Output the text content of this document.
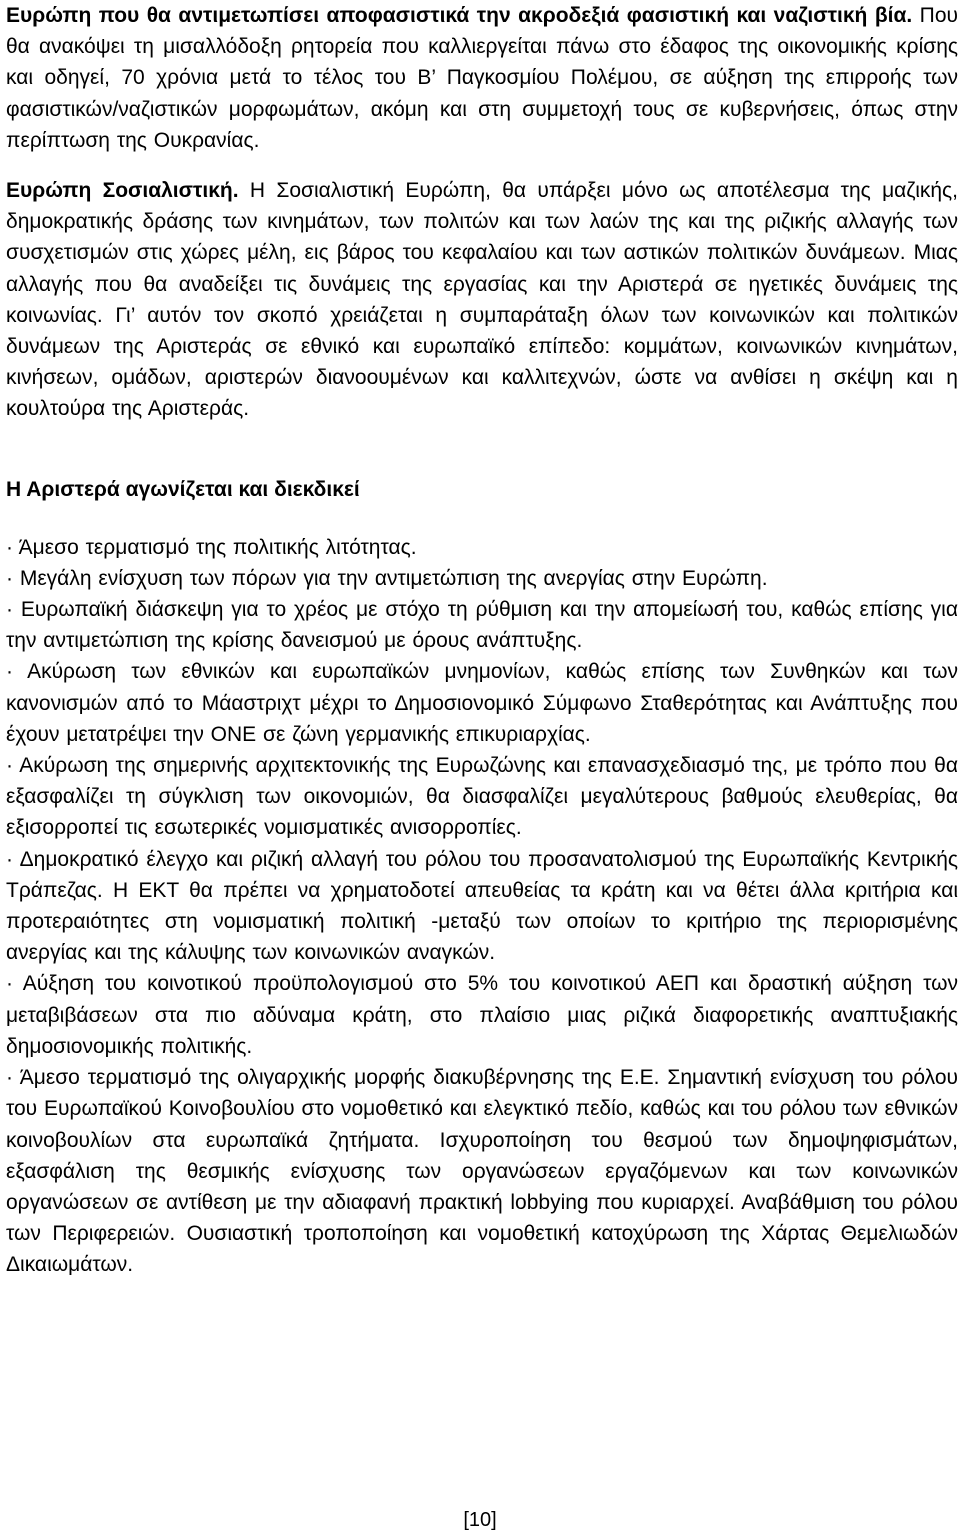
Ευρώπη που θα αντιμετωπίσει αποφασιστικά την ακροδεξιά φασιστική και ναζιστική βία. Που θα ανακόψει τη μισαλλόδοξη ρητορεία που καλλιεργείται πάνω στο έδαφος της οικονομικής κρίσης και οδηγεί, 70 χρόνια μετά το τέλος του Β’ Παγκοσμίου Πολέμου, σε αύξηση της επιρροής των φασιστικών/ναζιστικών μορφωμάτων, ακόμη και στη συμμετοχή τους σε κυβερνήσεις, όπως στην περίπτωση της Ουκρανίας.

Ευρώπη Σοσιαλιστική. Η Σοσιαλιστική Ευρώπη, θα υπάρξει μόνο ως αποτέλεσμα της μαζικής, δημοκρατικής δράσης των κινημάτων, των πολιτών και των λαών της και της ριζικής αλλαγής των συσχετισμών στις χώρες μέλη, εις βάρος του κεφαλαίου και των αστικών πολιτικών δυνάμεων. Μιας αλλαγής που θα αναδείξει τις δυνάμεις της εργασίας και την Αριστερά σε ηγετικές δυνάμεις της κοινωνίας. Γι’ αυτόν τον σκοπό χρειάζεται η συμπαράταξη όλων των κοινωνικών και πολιτικών δυνάμεων της Αριστεράς σε εθνικό και ευρωπαϊκό επίπεδο: κομμάτων, κοινωνικών κινημάτων, κινήσεων, ομάδων, αριστερών διανοουμένων και καλλιτεχνών, ώστε να ανθίσει η σκέψη και η κουλτούρα της Αριστεράς.

Η Αριστερά αγωνίζεται και διεκδικεί

· Άμεσο τερματισμό της πολιτικής λιτότητας.

· Μεγάλη ενίσχυση των πόρων για την αντιμετώπιση της ανεργίας στην Ευρώπη.

· Ευρωπαϊκή διάσκεψη για το χρέος με στόχο τη ρύθμιση και την απομείωσή του, καθώς επίσης για την αντιμετώπιση της κρίσης δανεισμού με όρους ανάπτυξης.

· Ακύρωση των εθνικών και ευρωπαϊκών μνημονίων, καθώς επίσης των Συνθηκών και των κανονισμών από το Μάαστριχτ μέχρι το Δημοσιονομικό Σύμφωνο Σταθερότητας και Ανάπτυξης που έχουν μετατρέψει την ΟΝΕ σε ζώνη γερμανικής επικυριαρχίας.

· Ακύρωση της σημερινής αρχιτεκτονικής της Ευρωζώνης και επανασχεδιασμό της, με τρόπο που θα εξασφαλίζει τη σύγκλιση των οικονομιών, θα διασφαλίζει μεγαλύτερους βαθμούς ελευθερίας, θα εξισορροπεί τις εσωτερικές νομισματικές ανισορροπίες.

· Δημοκρατικό έλεγχο και ριζική αλλαγή του ρόλου του προσανατολισμού της Ευρωπαϊκής Κεντρικής Τράπεζας. Η ΕΚΤ θα πρέπει να χρηματοδοτεί απευθείας τα κράτη και να θέτει άλλα κριτήρια και προτεραιότητες στη νομισματική πολιτική -μεταξύ των οποίων το κριτήριο της περιορισμένης ανεργίας και της κάλυψης των κοινωνικών αναγκών.

· Αύξηση του κοινοτικού προϋπολογισμού στο 5% του κοινοτικού ΑΕΠ και δραστική αύξηση των μεταβιβάσεων στα πιο αδύναμα κράτη, στο πλαίσιο μιας ριζικά διαφορετικής αναπτυξιακής δημοσιονομικής πολιτικής.

· Άμεσο τερματισμό της ολιγαρχικής μορφής διακυβέρνησης της Ε.Ε. Σημαντική ενίσχυση του ρόλου του Ευρωπαϊκού Κοινοβουλίου στο νομοθετικό και ελεγκτικό πεδίο, καθώς και του ρόλου των εθνικών κοινοβουλίων στα ευρωπαϊκά ζητήματα. Ισχυροποίηση του θεσμού των δημοψηφισμάτων, εξασφάλιση της θεσμικής ενίσχυσης των οργανώσεων εργαζόμενων και των κοινωνικών οργανώσεων σε αντίθεση με την αδιαφανή πρακτική lobbying που κυριαρχεί. Αναβάθμιση του ρόλου των Περιφερειών. Ουσιαστική τροποποίηση και νομοθετική κατοχύρωση της Χάρτας Θεμελιωδών Δικαιωμάτων.

[10]
